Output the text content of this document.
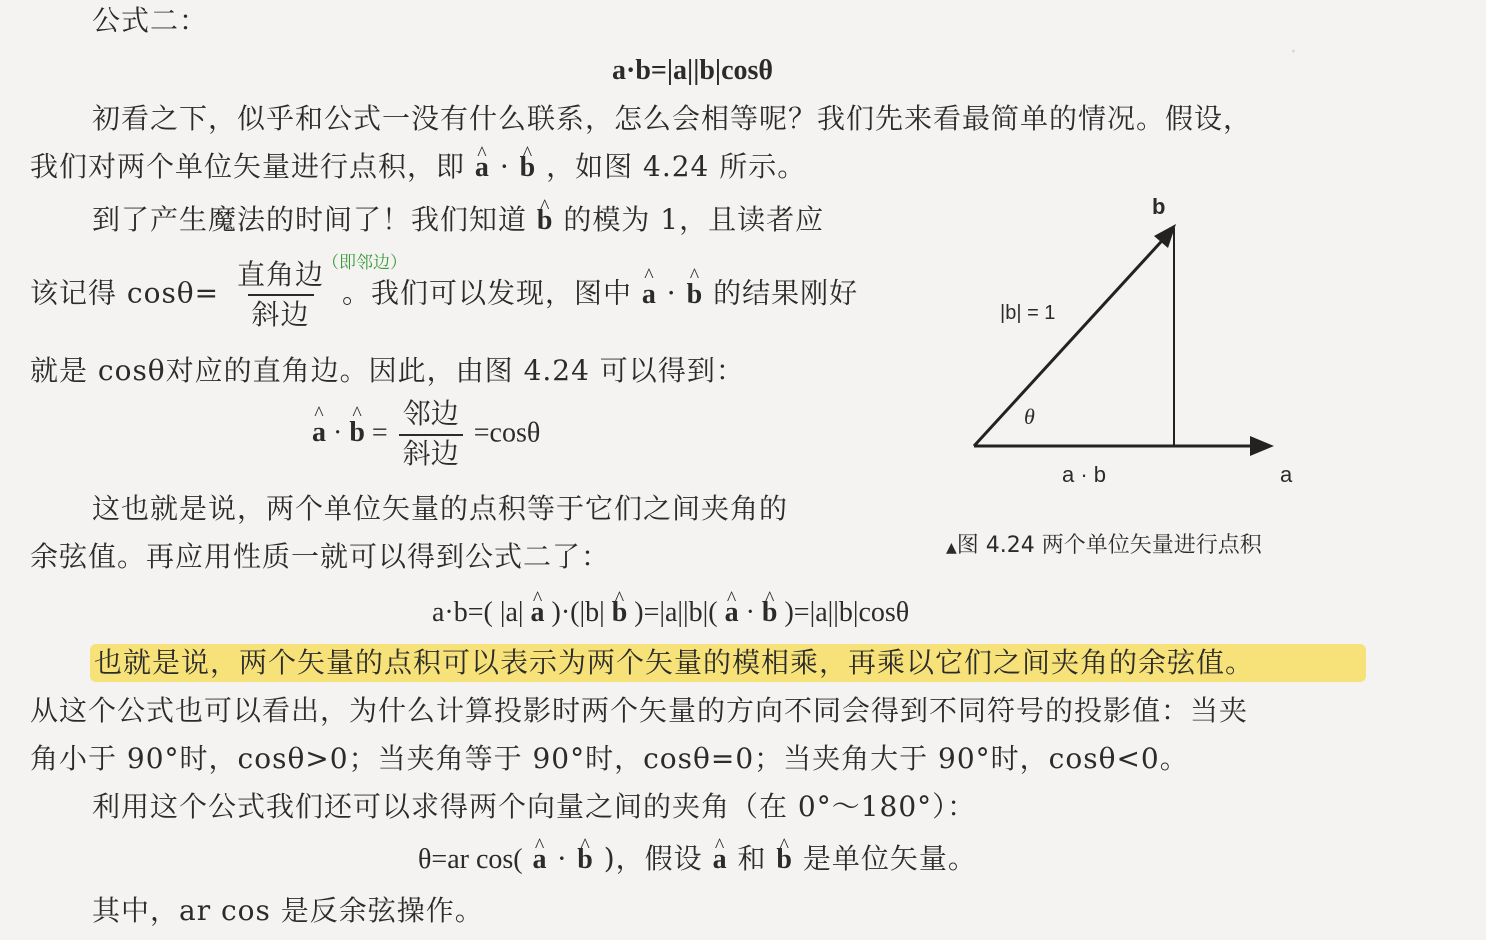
·
公式二：
a·b=|a||b|cosθ
初看之下，似乎和公式一没有什么联系，怎么会相等呢？我们先来看最简单的情况。假设，
我们对两个单位矢量进行点积，即 ^ a · ^ b ，如图 4.24 所示。
到了产生魔法的时间了！我们知道 ^ b 的模为 1，且读者应
（即邻边）
该记得 $\cos\theta= \frac{\text{直角边}}{\text{斜边}}$ 。我们可以发现，图中 ^ a · ^ b 的结果刚好
就是 cosθ对应的直角边。因此，由图 4.24 可以得到：
^ a · ^ $b = \frac{\text{邻边}}{\text{斜边}} =\cos\theta$
这也就是说，两个单位矢量的点积等于它们之间夹角的
余弦值。再应用性质一就可以得到公式二了：
a·b=( |a| ^ a )·(|b| ^ b )=|a||b|( ^ a · ^ b )=|a||b|cosθ
也就是说，两个矢量的点积可以表示为两个矢量的模相乘，再乘以它们之间夹角的余弦值。
从这个公式也可以看出，为什么计算投影时两个矢量的方向不同会得到不同符号的投影值：当夹
角小于 90°时，cosθ>0；当夹角等于 90°时，cosθ=0；当夹角大于 90°时，cosθ<0。
利用这个公式我们还可以求得两个向量之间的夹角（在 0°～180°）：
θ=ar cos( ^ a · ^ b )，假设 ^ a 和 ^ b 是单位矢量。
其中，ar cos 是反余弦操作。
b
|b| = 1
θ
a · b	a
▲图 4.24 两个单位矢量进行点积
